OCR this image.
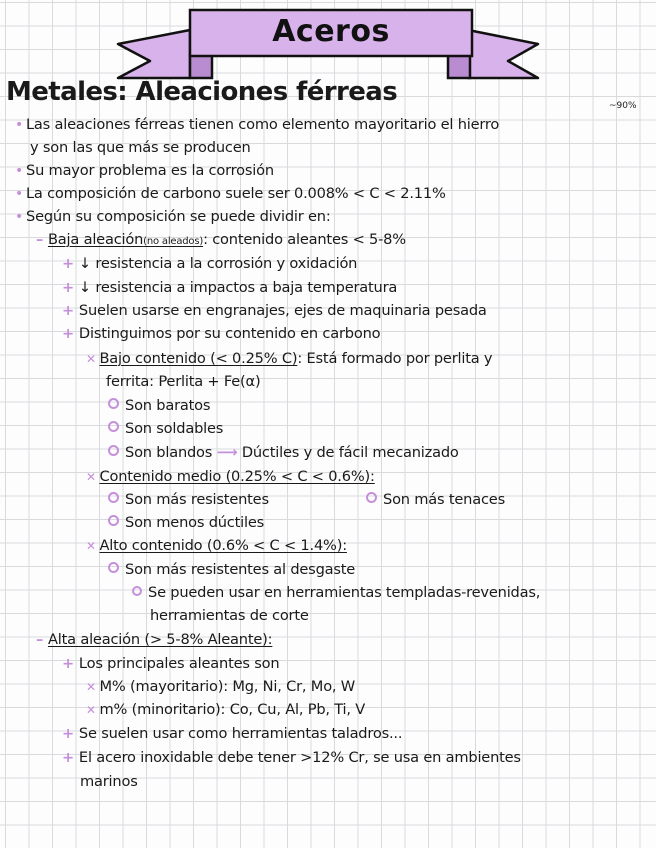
Aceros
Metales: Aleaciones férreas	~90%
• Las aleaciones férreas tienen como elemento mayoritario el hierro
y son las que más se producen
• Su mayor problema es la corrosión
• La composición de carbono suele ser 0.008% < C < 2.11%
• Según su composición se puede dividir en:
– Baja aleación(no aleados): contenido aleantes < 5-8%
+ ↓ resistencia a la corrosión y oxidación
+ ↓ resistencia a impactos a baja temperatura
+ Suelen usarse en engranajes, ejes de maquinaria pesada
+ Distinguimos por su contenido en carbono
✕ Bajo contenido (< 0.25% C): Está formado por perlita y
ferrita: Perlita + Fe(α)
Son baratos
Son soldables
Son blandos ⟶ Dúctiles y de fácil mecanizado
✕ Contenido medio (0.25% < C < 0.6%):
Son más resistentes	Son más tenaces
Son menos dúctiles
✕ Alto contenido (0.6% < C < 1.4%):
Son más resistentes al desgaste
Se pueden usar en herramientas templadas-revenidas,
herramientas de corte
– Alta aleación (> 5-8% Aleante):
+ Los principales aleantes son
✕ M% (mayoritario): Mg, Ni, Cr, Mo, W
✕ m% (minoritario): Co, Cu, Al, Pb, Ti, V
+ Se suelen usar como herramientas taladros...
+ El acero inoxidable debe tener >12% Cr, se usa en ambientes
marinos
